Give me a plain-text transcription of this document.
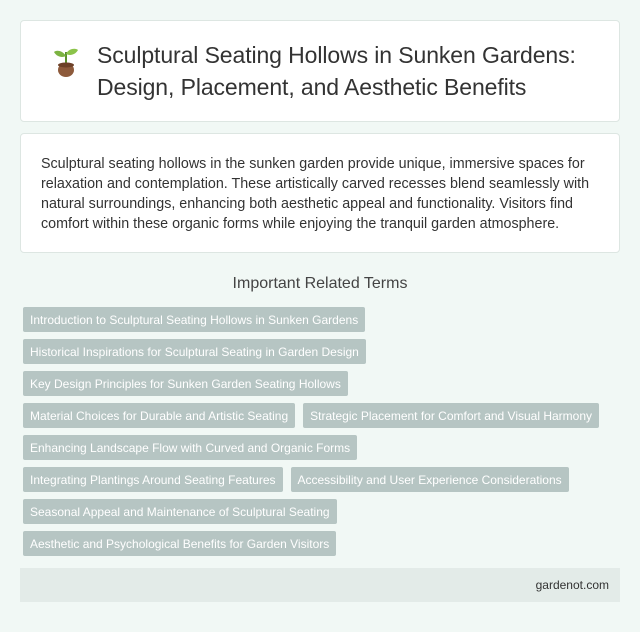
Sculptural Seating Hollows in Sunken Gardens: Design, Placement, and Aesthetic Benefits

Sculptural seating hollows in the sunken garden provide unique, immersive spaces for relaxation and contemplation. These artistically carved recesses blend seamlessly with natural surroundings, enhancing both aesthetic appeal and functionality. Visitors find comfort within these organic forms while enjoying the tranquil garden atmosphere.

Important Related Terms
Introduction to Sculptural Seating Hollows in Sunken Gardens
Historical Inspirations for Sculptural Seating in Garden Design
Key Design Principles for Sunken Garden Seating Hollows
Material Choices for Durable and Artistic Seating	Strategic Placement for Comfort and Visual Harmony
Enhancing Landscape Flow with Curved and Organic Forms
Integrating Plantings Around Seating Features	Accessibility and User Experience Considerations
Seasonal Appeal and Maintenance of Sculptural Seating
Aesthetic and Psychological Benefits for Garden Visitors
gardenot.com
